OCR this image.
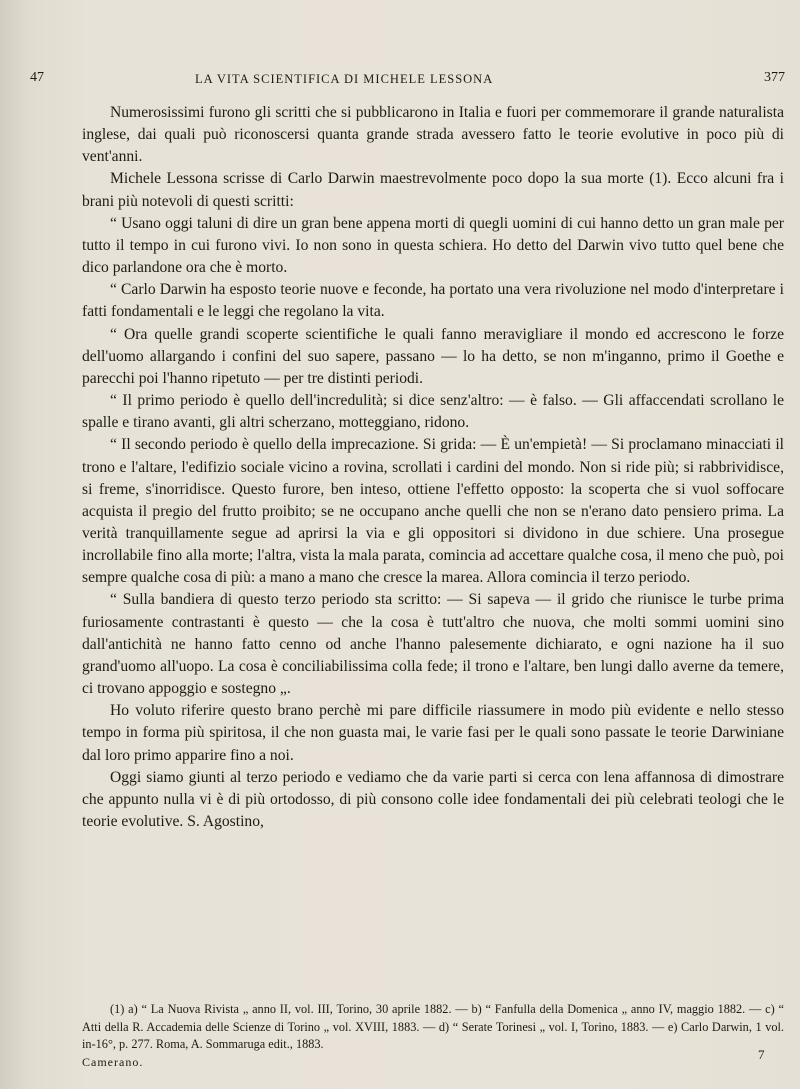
47	LA VITA SCIENTIFICA DI MICHELE LESSONA	377

Numerosissimi furono gli scritti che si pubblicarono in Italia e fuori per commemorare il grande naturalista inglese, dai quali può riconoscersi quanta grande strada avessero fatto le teorie evolutive in poco più di vent'anni.

Michele Lessona scrisse di Carlo Darwin maestrevolmente poco dopo la sua morte (1). Ecco alcuni fra i brani più notevoli di questi scritti:

“ Usano oggi taluni di dire un gran bene appena morti di quegli uomini di cui hanno detto un gran male per tutto il tempo in cui furono vivi. Io non sono in questa schiera. Ho detto del Darwin vivo tutto quel bene che dico parlandone ora che è morto.

“ Carlo Darwin ha esposto teorie nuove e feconde, ha portato una vera rivoluzione nel modo d'interpretare i fatti fondamentali e le leggi che regolano la vita.

“ Ora quelle grandi scoperte scientifiche le quali fanno meravigliare il mondo ed accrescono le forze dell'uomo allargando i confini del suo sapere, passano — lo ha detto, se non m'inganno, primo il Goethe e parecchi poi l'hanno ripetuto — per tre distinti periodi.

“ Il primo periodo è quello dell'incredulità; si dice senz'altro: — è falso. — Gli affaccendati scrollano le spalle e tirano avanti, gli altri scherzano, motteggiano, ridono.

“ Il secondo periodo è quello della imprecazione. Si grida: — È un'empietà! — Si proclamano minacciati il trono e l'altare, l'edifizio sociale vicino a rovina, scrollati i cardini del mondo. Non si ride più; si rabbrividisce, si freme, s'inorridisce. Questo furore, ben inteso, ottiene l'effetto opposto: la scoperta che si vuol soffocare acquista il pregio del frutto proibito; se ne occupano anche quelli che non se n'erano dato pensiero prima. La verità tranquillamente segue ad aprirsi la via e gli oppositori si dividono in due schiere. Una prosegue incrollabile fino alla morte; l'altra, vista la mala parata, comincia ad accettare qualche cosa, il meno che può, poi sempre qualche cosa di più: a mano a mano che cresce la marea. Allora comincia il terzo periodo.

“ Sulla bandiera di questo terzo periodo sta scritto: — Si sapeva — il grido che riunisce le turbe prima furiosamente contrastanti è questo — che la cosa è tutt'altro che nuova, che molti sommi uomini sino dall'antichità ne hanno fatto cenno od anche l'hanno palesemente dichiarato, e ogni nazione ha il suo grand'uomo all'uopo. La cosa è conciliabilissima colla fede; il trono e l'altare, ben lungi dallo averne da temere, ci trovano appoggio e sostegno „.

Ho voluto riferire questo brano perchè mi pare difficile riassumere in modo più evidente e nello stesso tempo in forma più spiritosa, il che non guasta mai, le varie fasi per le quali sono passate le teorie Darwiniane dal loro primo apparire fino a noi.

Oggi siamo giunti al terzo periodo e vediamo che da varie parti si cerca con lena affannosa di dimostrare che appunto nulla vi è di più ortodosso, di più consono colle idee fondamentali dei più celebrati teologi che le teorie evolutive. S. Agostino,

(1) a) “ La Nuova Rivista „ anno II, vol. III, Torino, 30 aprile 1882. — b) “ Fanfulla della Domenica „ anno IV, maggio 1882. — c) “ Atti della R. Accademia delle Scienze di Torino „ vol. XVIII, 1883. — d) “ Serate Torinesi „ vol. I, Torino, 1883. — e) Carlo Darwin, 1 vol. in-16°, p. 277. Roma, A. Sommaruga edit., 1883.

Camerano.	7
